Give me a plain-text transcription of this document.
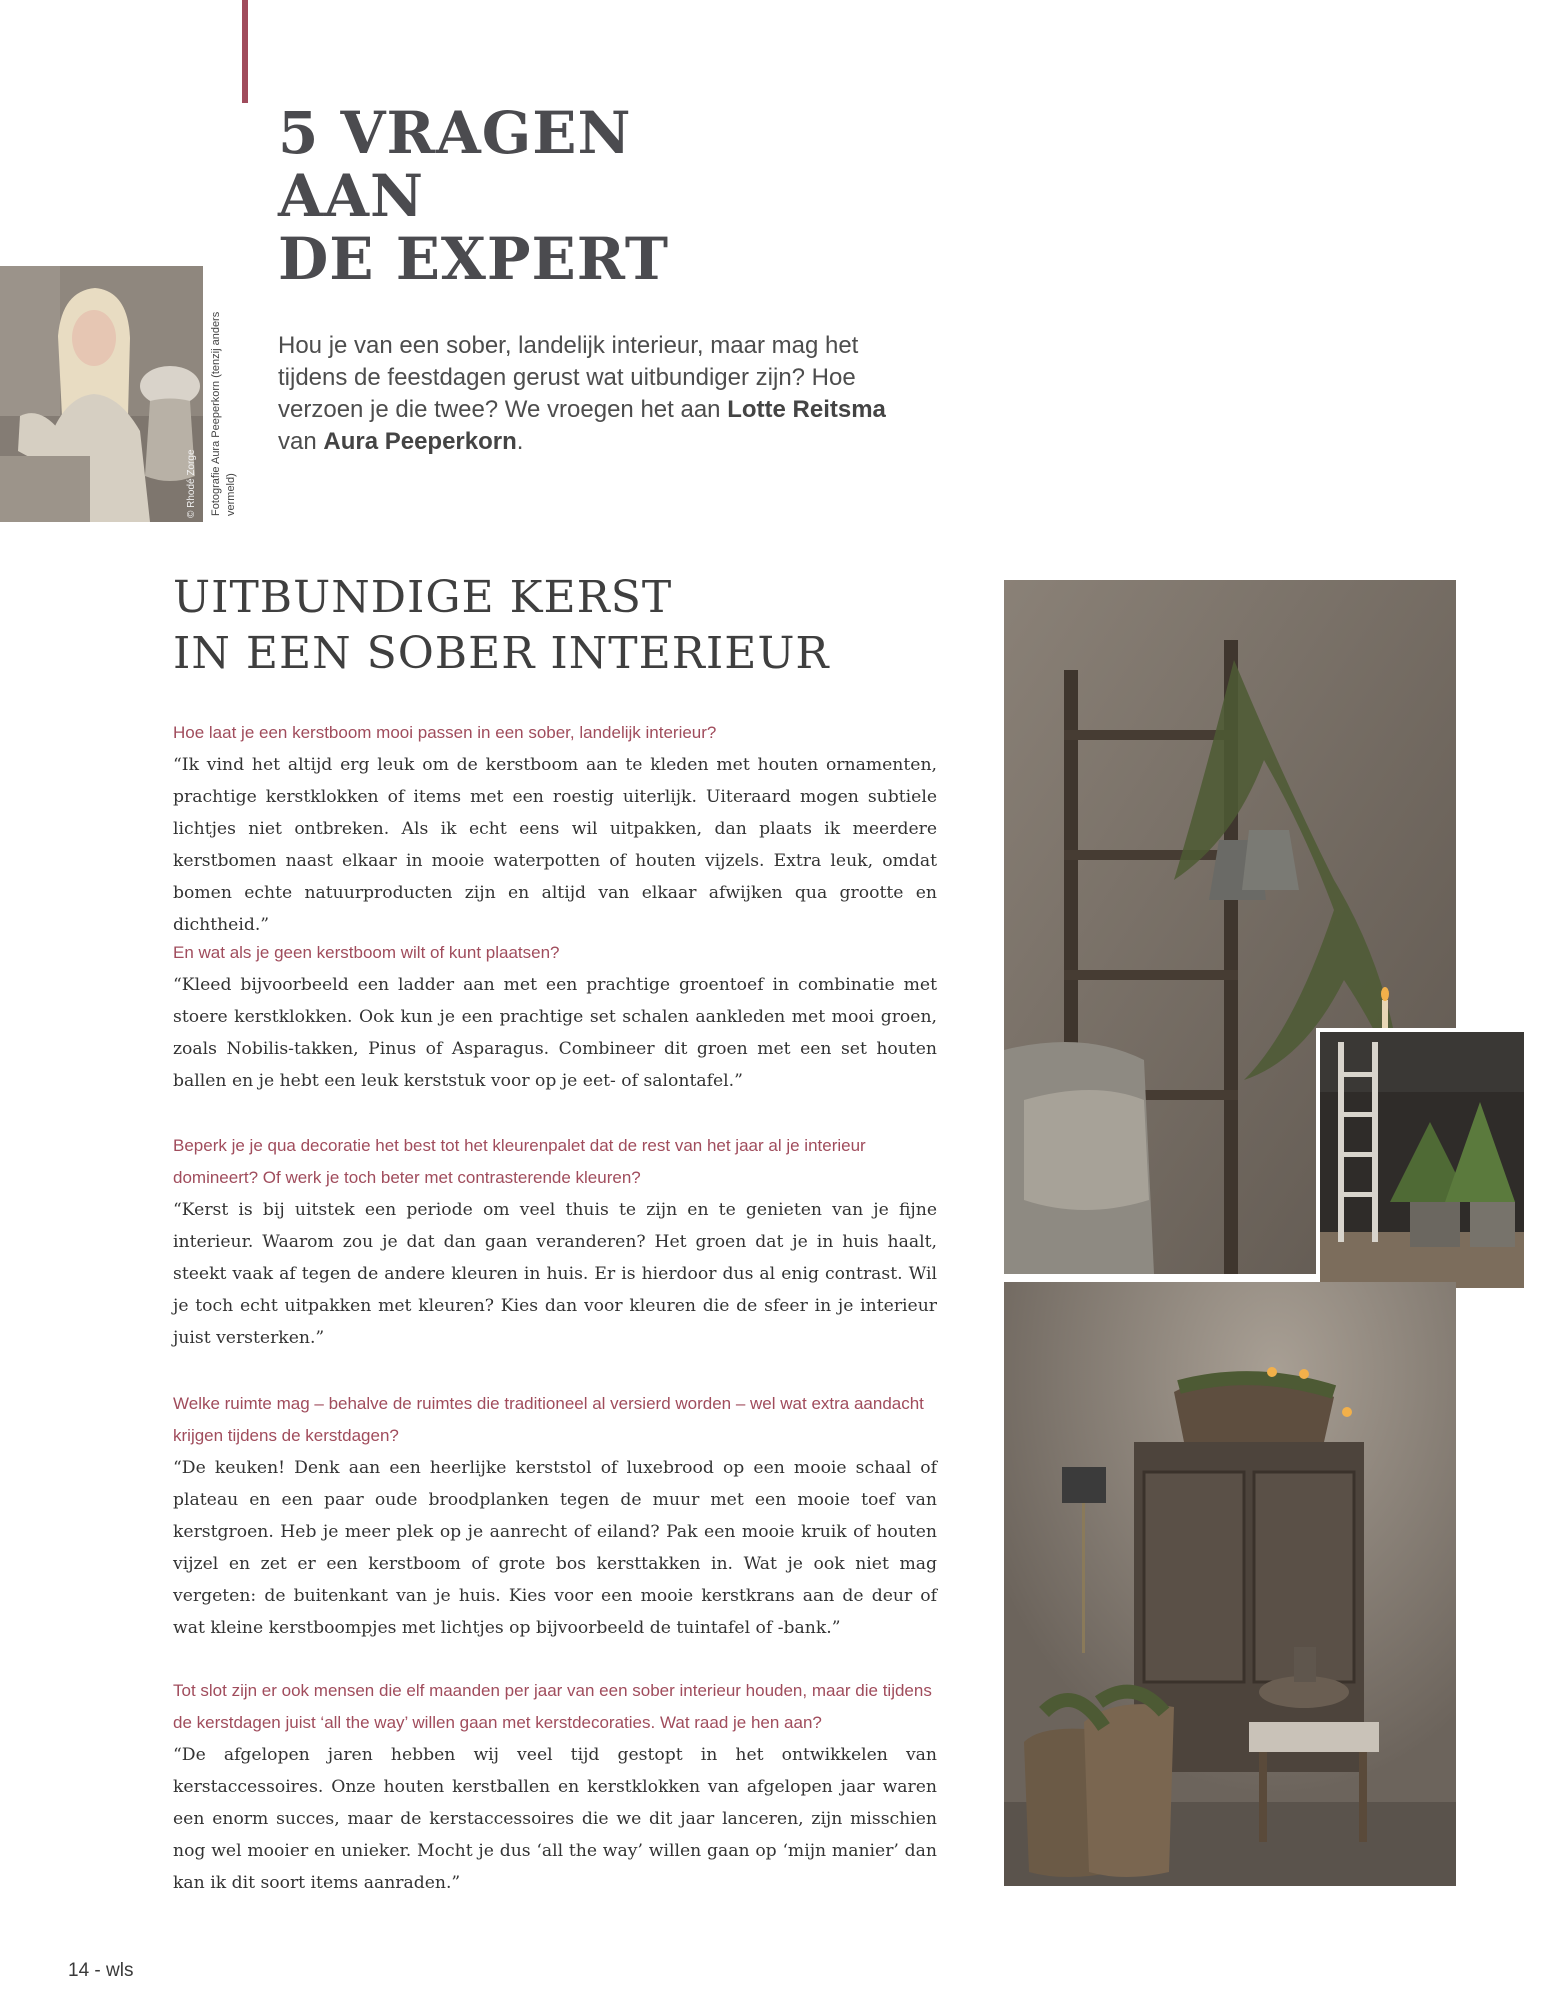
5 VRAGEN
AAN
DE EXPERT

Hou je van een sober, landelijk interieur, maar mag het tijdens de feestdagen gerust wat uitbundiger zijn? Hoe verzoen je die twee? We vroegen het aan Lotte Reitsma van Aura Peeperkorn.

© Rhodé Zorge Fotografie Aura Peeperkorn (tenzij anders vermeld)
UITBUNDIGE KERST
IN EEN SOBER INTERIEUR

Hoe laat je een kerstboom mooi passen in een sober, landelijk interieur?

“Ik vind het altijd erg leuk om de kerstboom aan te kleden met houten ornamenten, prachtige kerstklokken of items met een roestig uiterlijk. Uiteraard mogen subtiele lichtjes niet ontbreken. Als ik echt eens wil uitpakken, dan plaats ik meerdere kerstbomen naast elkaar in mooie waterpotten of houten vijzels. Extra leuk, omdat bomen echte natuurproducten zijn en altijd van elkaar afwijken qua grootte en dichtheid.”

En wat als je geen kerstboom wilt of kunt plaatsen?

“Kleed bijvoorbeeld een ladder aan met een prachtige groentoef in combinatie met stoere kerstklokken. Ook kun je een prachtige set schalen aankleden met mooi groen, zoals Nobilis-takken, Pinus of Asparagus. Combineer dit groen met een set houten ballen en je hebt een leuk kerststuk voor op je eet- of salontafel.”

Beperk je je qua decoratie het best tot het kleurenpalet dat de rest van het jaar al je interieur domineert? Of werk je toch beter met contrasterende kleuren?

“Kerst is bij uitstek een periode om veel thuis te zijn en te genieten van je fijne interieur. Waarom zou je dat dan gaan veranderen? Het groen dat je in huis haalt, steekt vaak af tegen de andere kleuren in huis. Er is hierdoor dus al enig contrast. Wil je toch echt uitpakken met kleuren? Kies dan voor kleuren die de sfeer in je interieur juist versterken.”

Welke ruimte mag – behalve de ruimtes die traditioneel al versierd worden – wel wat extra aandacht krijgen tijdens de kerstdagen?

“De keuken! Denk aan een heerlijke kerststol of luxebrood op een mooie schaal of plateau en een paar oude broodplanken tegen de muur met een mooie toef van kerstgroen. Heb je meer plek op je aanrecht of eiland? Pak een mooie kruik of houten vijzel en zet er een kerstboom of grote bos kersttakken in. Wat je ook niet mag vergeten: de buitenkant van je huis. Kies voor een mooie kerstkrans aan de deur of wat kleine kerstboompjes met lichtjes op bijvoorbeeld de tuintafel of -bank.”

Tot slot zijn er ook mensen die elf maanden per jaar van een sober interieur houden, maar die tijdens de kerstdagen juist ‘all the way’ willen gaan met kerstdecoraties. Wat raad je hen aan?

“De afgelopen jaren hebben wij veel tijd gestopt in het ontwikkelen van kerstaccessoires. Onze houten kerstballen en kerstklokken van afgelopen jaar waren een enorm succes, maar de kerstaccessoires die we dit jaar lanceren, zijn misschien nog wel mooier en unieker. Mocht je dus ‘all the way’ willen gaan op ‘mijn manier’ dan kan ik dit soort items aanraden.”

14 - wls
